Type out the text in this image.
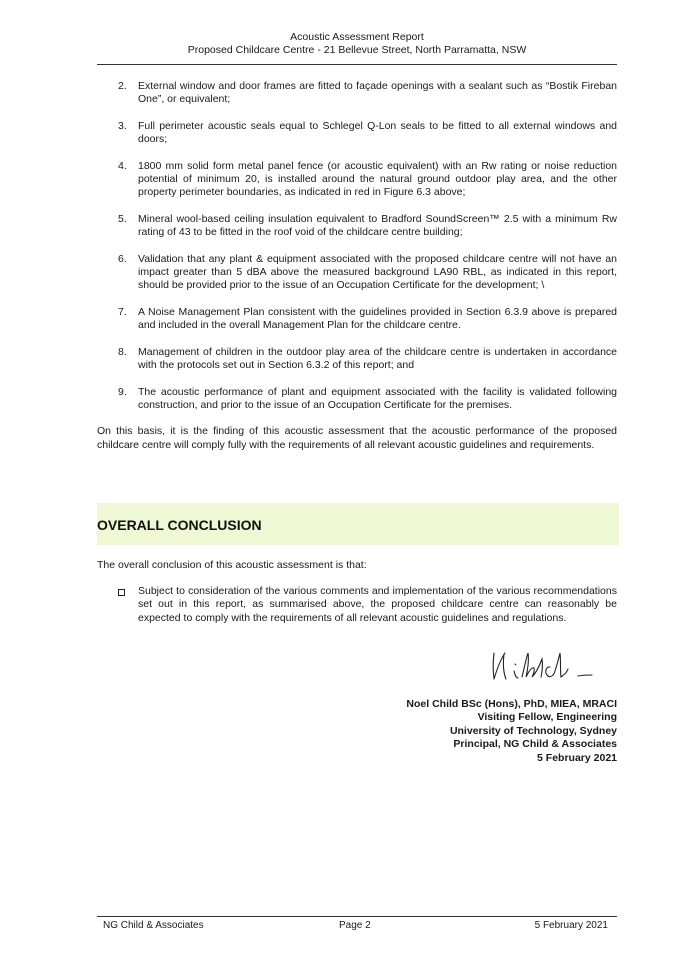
Acoustic Assessment Report
Proposed Childcare Centre - 21 Bellevue Street, North Parramatta, NSW
2. External window and door frames are fitted to façade openings with a sealant such as “Bostik Fireban One”, or equivalent;
3. Full perimeter acoustic seals equal to Schlegel Q-Lon seals to be fitted to all external windows and doors;
4. 1800 mm solid form metal panel fence (or acoustic equivalent) with an Rw rating or noise reduction potential of minimum 20, is installed around the natural ground outdoor play area, and the other property perimeter boundaries, as indicated in red in Figure 6.3 above;
5. Mineral wool-based ceiling insulation equivalent to Bradford SoundScreen™ 2.5 with a minimum Rw rating of 43 to be fitted in the roof void of the childcare centre building;
6. Validation that any plant & equipment associated with the proposed childcare centre will not have an impact greater than 5 dBA above the measured background LA90 RBL, as indicated in this report, should be provided prior to the issue of an Occupation Certificate for the development; \
7. A Noise Management Plan consistent with the guidelines provided in Section 6.3.9 above is prepared and included in the overall Management Plan for the childcare centre.
8. Management of children in the outdoor play area of the childcare centre is undertaken in accordance with the protocols set out in Section 6.3.2 of this report; and
9. The acoustic performance of plant and equipment associated with the facility is validated following construction, and prior to the issue of an Occupation Certificate for the premises.

On this basis, it is the finding of this acoustic assessment that the acoustic performance of the proposed childcare centre will comply fully with the requirements of all relevant acoustic guidelines and requirements.

OVERALL CONCLUSION
The overall conclusion of this acoustic assessment is that:
Subject to consideration of the various comments and implementation of the various recommendations set out in this report, as summarised above, the proposed childcare centre can reasonably be expected to comply with the requirements of all relevant acoustic guidelines and regulations.
Noel Child BSc (Hons), PhD, MIEA, MRACI
Visiting Fellow, Engineering
University of Technology, Sydney
Principal, NG Child & Associates
5 February 2021
NG Child & Associates	Page 2	5 February 2021
